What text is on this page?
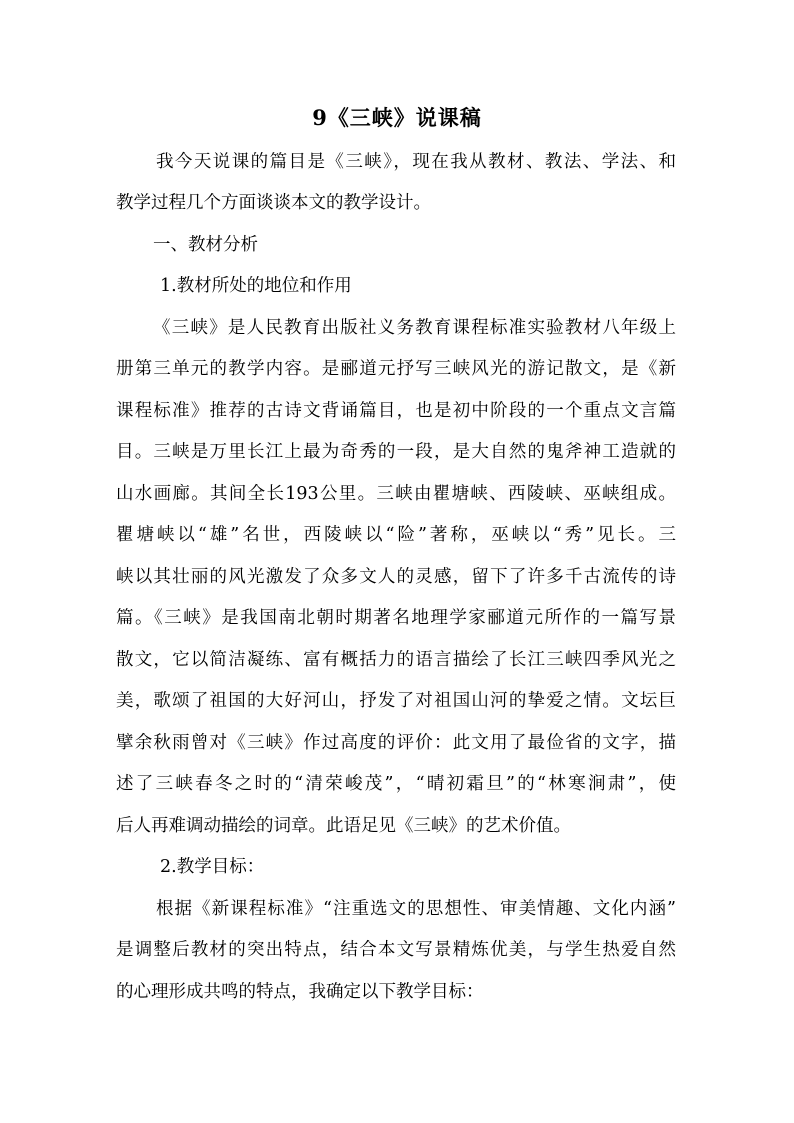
9《三峡》说课稿
我今天说课的篇目是《三峡》，现在我从教材、教法、学法、和
教学过程几个方面谈谈本文的教学设计。
一、教材分析
1.教材所处的地位和作用
《三峡》是人民教育出版社义务教育课程标准实验教材八年级上
册第三单元的教学内容。是郦道元抒写三峡风光的游记散文，是《新
课程标准》推荐的古诗文背诵篇目，也是初中阶段的一个重点文言篇
目。三峡是万里长江上最为奇秀的一段，是大自然的鬼斧神工造就的
山水画廊。其间全长193公里。三峡由瞿塘峡、西陵峡、巫峡组成。
瞿塘峡以“雄”名世，西陵峡以“险”著称，巫峡以“秀”见长。三
峡以其壮丽的风光激发了众多文人的灵感，留下了许多千古流传的诗
篇。《三峡》是我国南北朝时期著名地理学家郦道元所作的一篇写景
散文，它以简洁凝练、富有概括力的语言描绘了长江三峡四季风光之
美，歌颂了祖国的大好河山，抒发了对祖国山河的挚爱之情。文坛巨
擘余秋雨曾对《三峡》作过高度的评价：此文用了最俭省的文字，描
述了三峡春冬之时的“清荣峻茂”，“晴初霜旦”的“林寒涧肃”，使
后人再难调动描绘的词章。此语足见《三峡》的艺术价值。
2.教学目标：
根据《新课程标准》“注重选文的思想性、审美情趣、文化内涵”
是调整后教材的突出特点，结合本文写景精炼优美，与学生热爱自然
的心理形成共鸣的特点，我确定以下教学目标：
